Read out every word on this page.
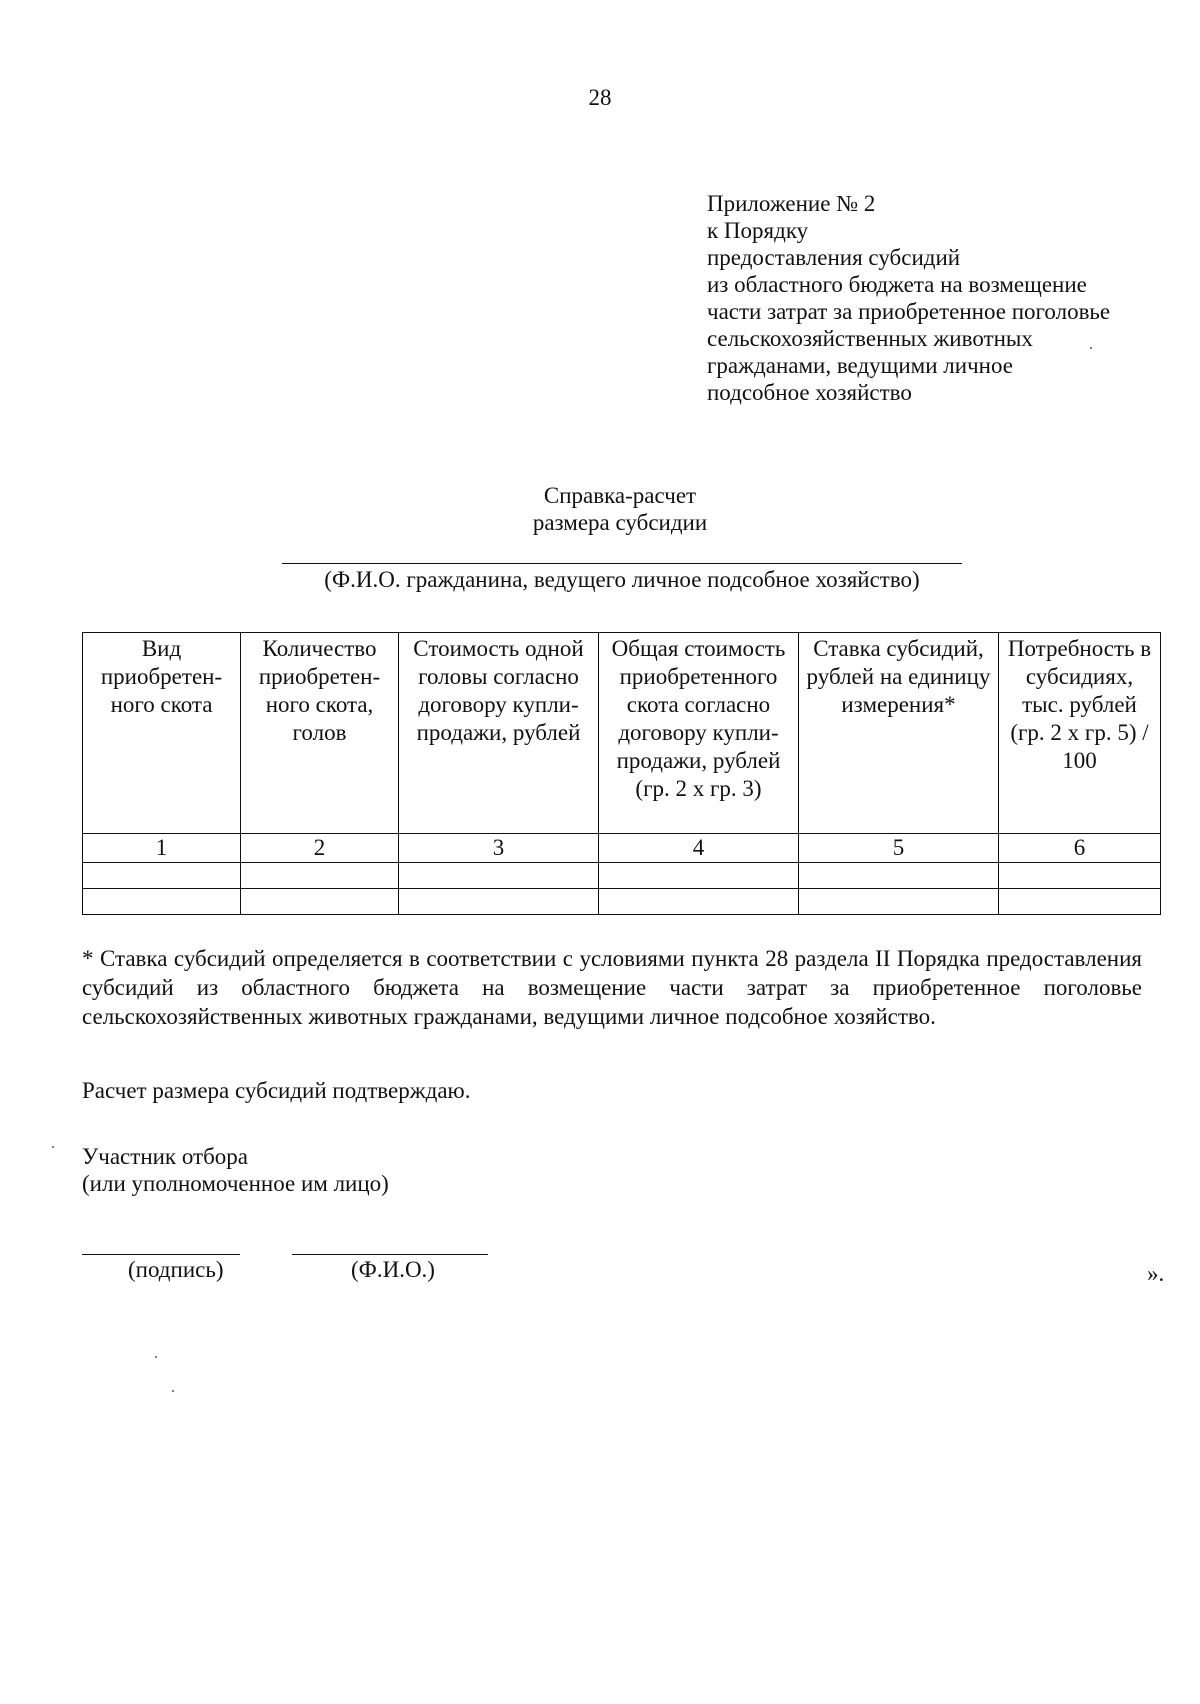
28
Приложение № 2
к Порядку
предоставления субсидий
из областного бюджета на возмещение
части затрат за приобретенное поголовье
сельскохозяйственных животных
гражданами, ведущими личное
подсобное хозяйство
Справка-расчет
размера субсидии
(Ф.И.О. гражданина, ведущего личное подсобное хозяйство)
Вид приобретен-ного скота	Количество приобретен-ного скота, голов	Стоимость одной головы согласно договору купли-продажи, рублей	Общая стоимость приобретенного скота согласно договору купли-продажи, рублей (гр. 2 х гр. 3)	Ставка субсидий, рублей на единицу измерения*	Потребность в субсидиях, тыс. рублей (гр. 2 х гр. 5) / 100
1	2	3	4	5	6

* Ставка субсидий определяется в соответствии с условиями пункта 28 раздела II Порядка предоставления субсидий из областного бюджета на возмещение части затрат за приобретенное поголовье сельскохозяйственных животных гражданами, ведущими личное подсобное хозяйство.
Расчет размера субсидий подтверждаю.
Участник отбора
(или уполномоченное им лицо)
(подпись)	(Ф.И.О.)	».
